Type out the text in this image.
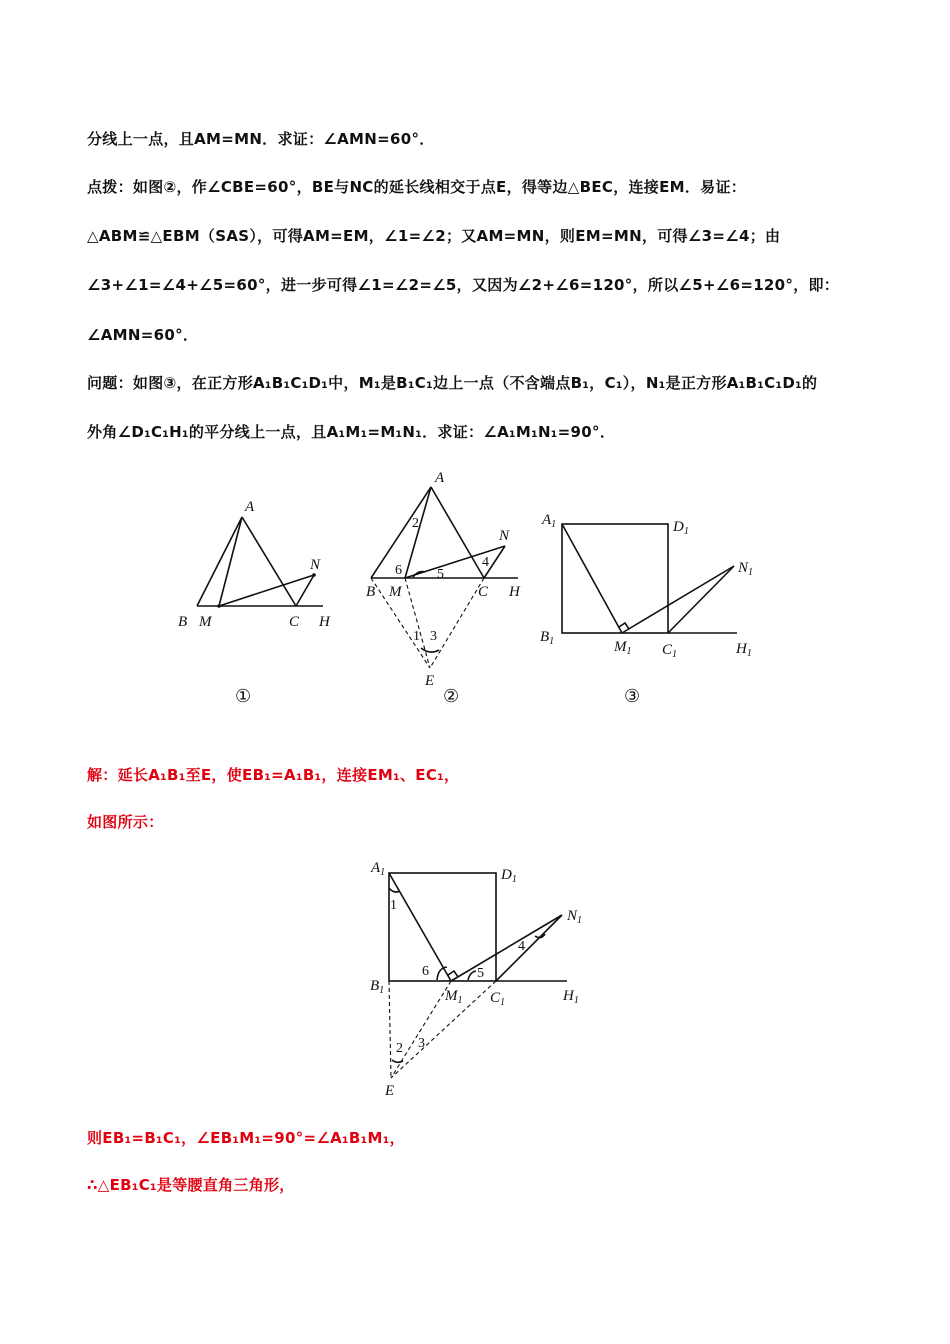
分线上一点，且AM=MN．求证：∠AMN=60°．
点拨：如图②，作∠CBE=60°，BE与NC的延长线相交于点E，得等边△BEC，连接EM．易证：
△ABM≌△EBM（SAS），可得AM=EM，∠1=∠2；又AM=MN，则EM=MN，可得∠3=∠4；由
∠3+∠1=∠4+∠5=60°，进一步可得∠1=∠2=∠5，又因为∠2+∠6=120°，所以∠5+∠6=120°，即：
∠AMN=60°．
问题：如图③，在正方形A₁B₁C₁D₁中，M₁是B₁C₁边上一点（不含端点B₁，C₁），N₁是正方形A₁B₁C₁D₁的
外角∠D₁C₁H₁的平分线上一点，且A₁M₁=M₁N₁．求证：∠A₁M₁N₁=90°．
解：延长A₁B₁至E，使EB₁=A₁B₁，连接EM₁、EC₁，
如图所示：
则EB₁=B₁C₁，∠EB₁M₁=90°=∠A₁B₁M₁，
∴△EB₁C₁是等腰直角三角形，
A
B M	C H
N
①
A
B M	C H
N
E
1
2
3
4
5
6
②
$A_1$	$D_1$
$B_1$	$M_1$ $C_1$	$H_1$
$N_1$
③
$A_1$	$D_1$
$B_1$	$M_1$ $C_1$	$H_1$
$N_1$
E
1
2 3
4
5
6
